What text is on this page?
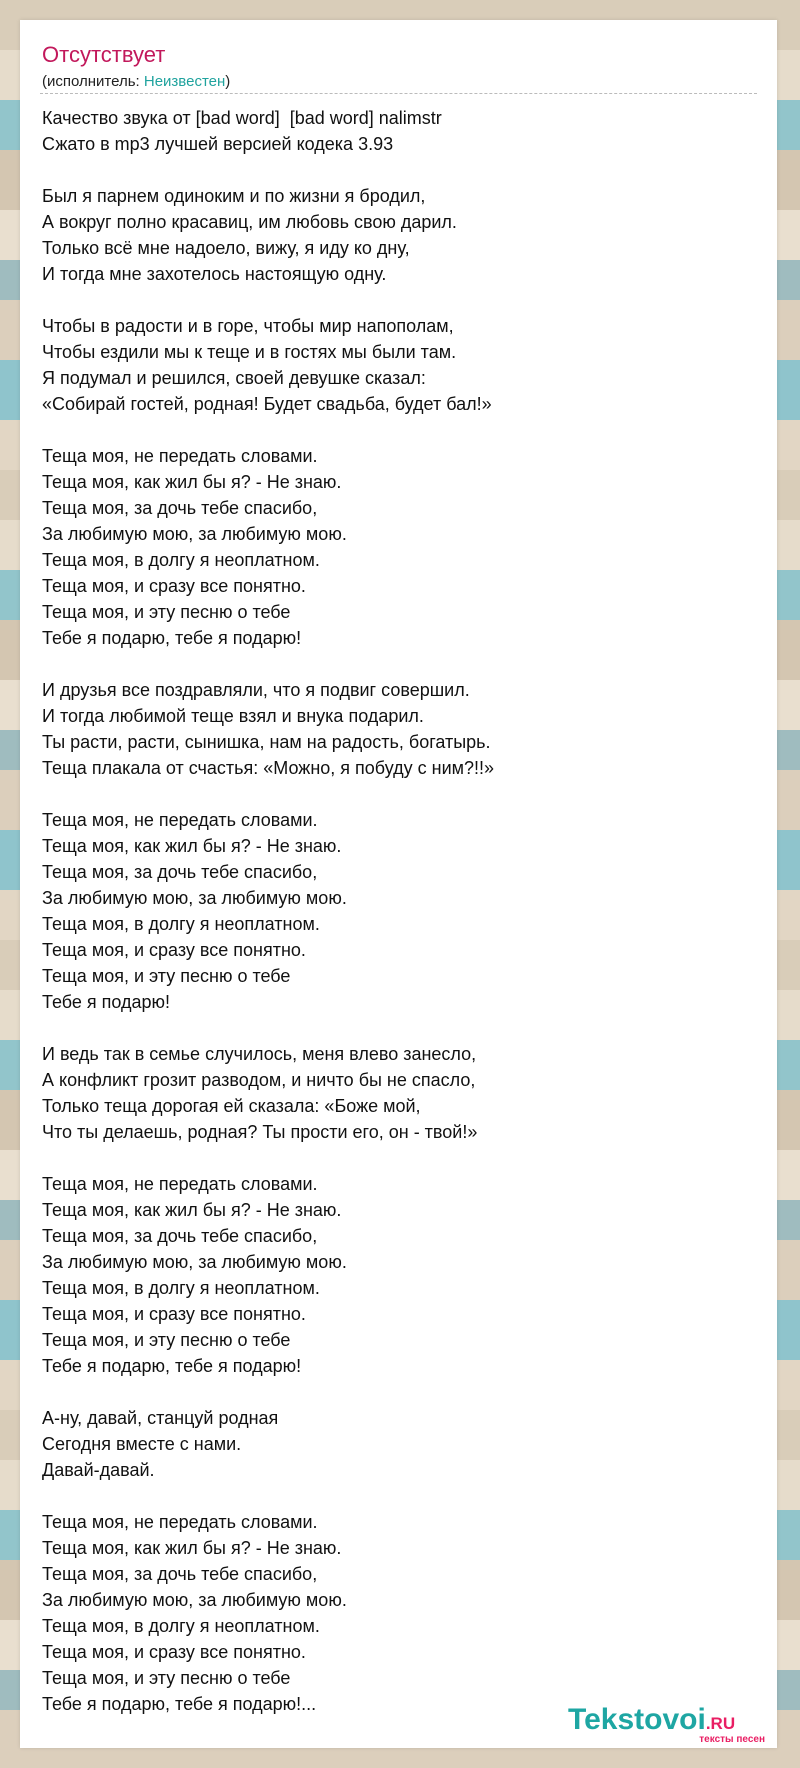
Отсутствует
(исполнитель: Неизвестен)
Качество звука от [bad word]  [bad word] nalimstr
Сжато в mp3 лучшей версией кодека 3.93

Был я парнем одиноким и по жизни я бродил,
А вокруг полно красавиц, им любовь свою дарил.
Только всё мне надоело, вижу, я иду ко дну,
И тогда мне захотелось настоящую одну.

Чтобы в радости и в горе, чтобы мир напополам,
Чтобы ездили мы к теще и в гостях мы были там.
Я подумал и решился, своей девушке сказал:
«Собирай гостей, родная! Будет свадьба, будет бал!»

Теща моя, не передать словами.
Теща моя, как жил бы я? - Не знаю.
Теща моя, за дочь тебе спасибо,
За любимую мою, за любимую мою.
Теща моя, в долгу я неоплатном.
Теща моя, и сразу все понятно.
Теща моя, и эту песню о тебе
Тебе я подарю, тебе я подарю!

И друзья все поздравляли, что я подвиг совершил.
И тогда любимой теще взял и внука подарил.
Ты расти, расти, сынишка, нам на радость, богатырь.
Теща плакала от счастья: «Можно, я побуду с ним?!!»

Теща моя, не передать словами.
Теща моя, как жил бы я? - Не знаю.
Теща моя, за дочь тебе спасибо,
За любимую мою, за любимую мою.
Теща моя, в долгу я неоплатном.
Теща моя, и сразу все понятно.
Теща моя, и эту песню о тебе
Тебе я подарю!

И ведь так в семье случилось, меня влево занесло,
А конфликт грозит разводом, и ничто бы не спасло,
Только теща дорогая ей сказала: «Боже мой,
Что ты делаешь, родная? Ты прости его, он - твой!»

Теща моя, не передать словами.
Теща моя, как жил бы я? - Не знаю.
Теща моя, за дочь тебе спасибо,
За любимую мою, за любимую мою.
Теща моя, в долгу я неоплатном.
Теща моя, и сразу все понятно.
Теща моя, и эту песню о тебе
Тебе я подарю, тебе я подарю!

А-ну, давай, станцуй родная
Сегодня вместе с нами.
Давай-давай.

Теща моя, не передать словами.
Теща моя, как жил бы я? - Не знаю.
Теща моя, за дочь тебе спасибо,
За любимую мою, за любимую мою.
Теща моя, в долгу я неоплатном.
Теща моя, и сразу все понятно.
Теща моя, и эту песню о тебе
Тебе я подарю, тебе я подарю!...	Tekstovoi.RU
тексты песен
